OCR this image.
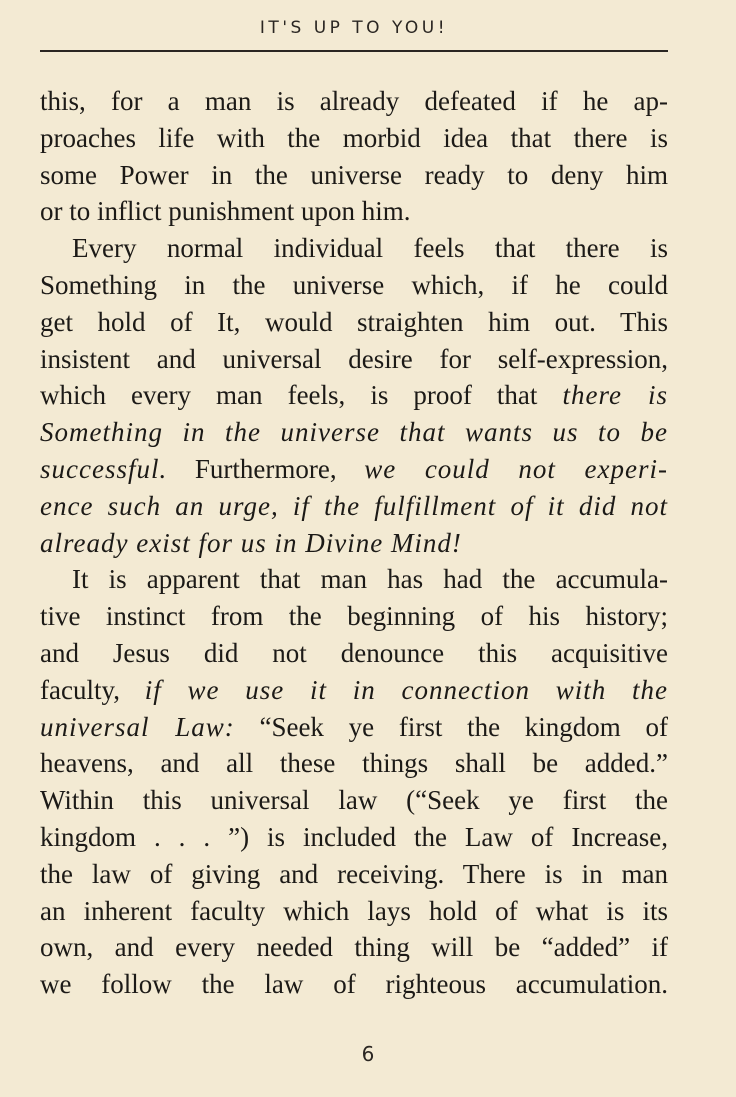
IT'S UP TO YOU!
this, for a man is already defeated if he ap-
proaches life with the morbid idea that there is
some Power in the universe ready to deny him
or to inflict punishment upon him.
Every normal individual feels that there is
Something in the universe which, if he could
get hold of It, would straighten him out. This
insistent and universal desire for self-expression,
which every man feels, is proof that there is
Something in the universe that wants us to be
successful. Furthermore, we could not experi-
ence such an urge, if the fulfillment of it did not
already exist for us in Divine Mind!
It is apparent that man has had the accumula-
tive instinct from the beginning of his history;
and Jesus did not denounce this acquisitive
faculty, if we use it in connection with the
universal Law: “Seek ye first the kingdom of
heavens, and all these things shall be added.”
Within this universal law (“Seek ye first the
kingdom . . . ”) is included the Law of Increase,
the law of giving and receiving. There is in man
an inherent faculty which lays hold of what is its
own, and every needed thing will be “added” if
we follow the law of righteous accumulation.
6
